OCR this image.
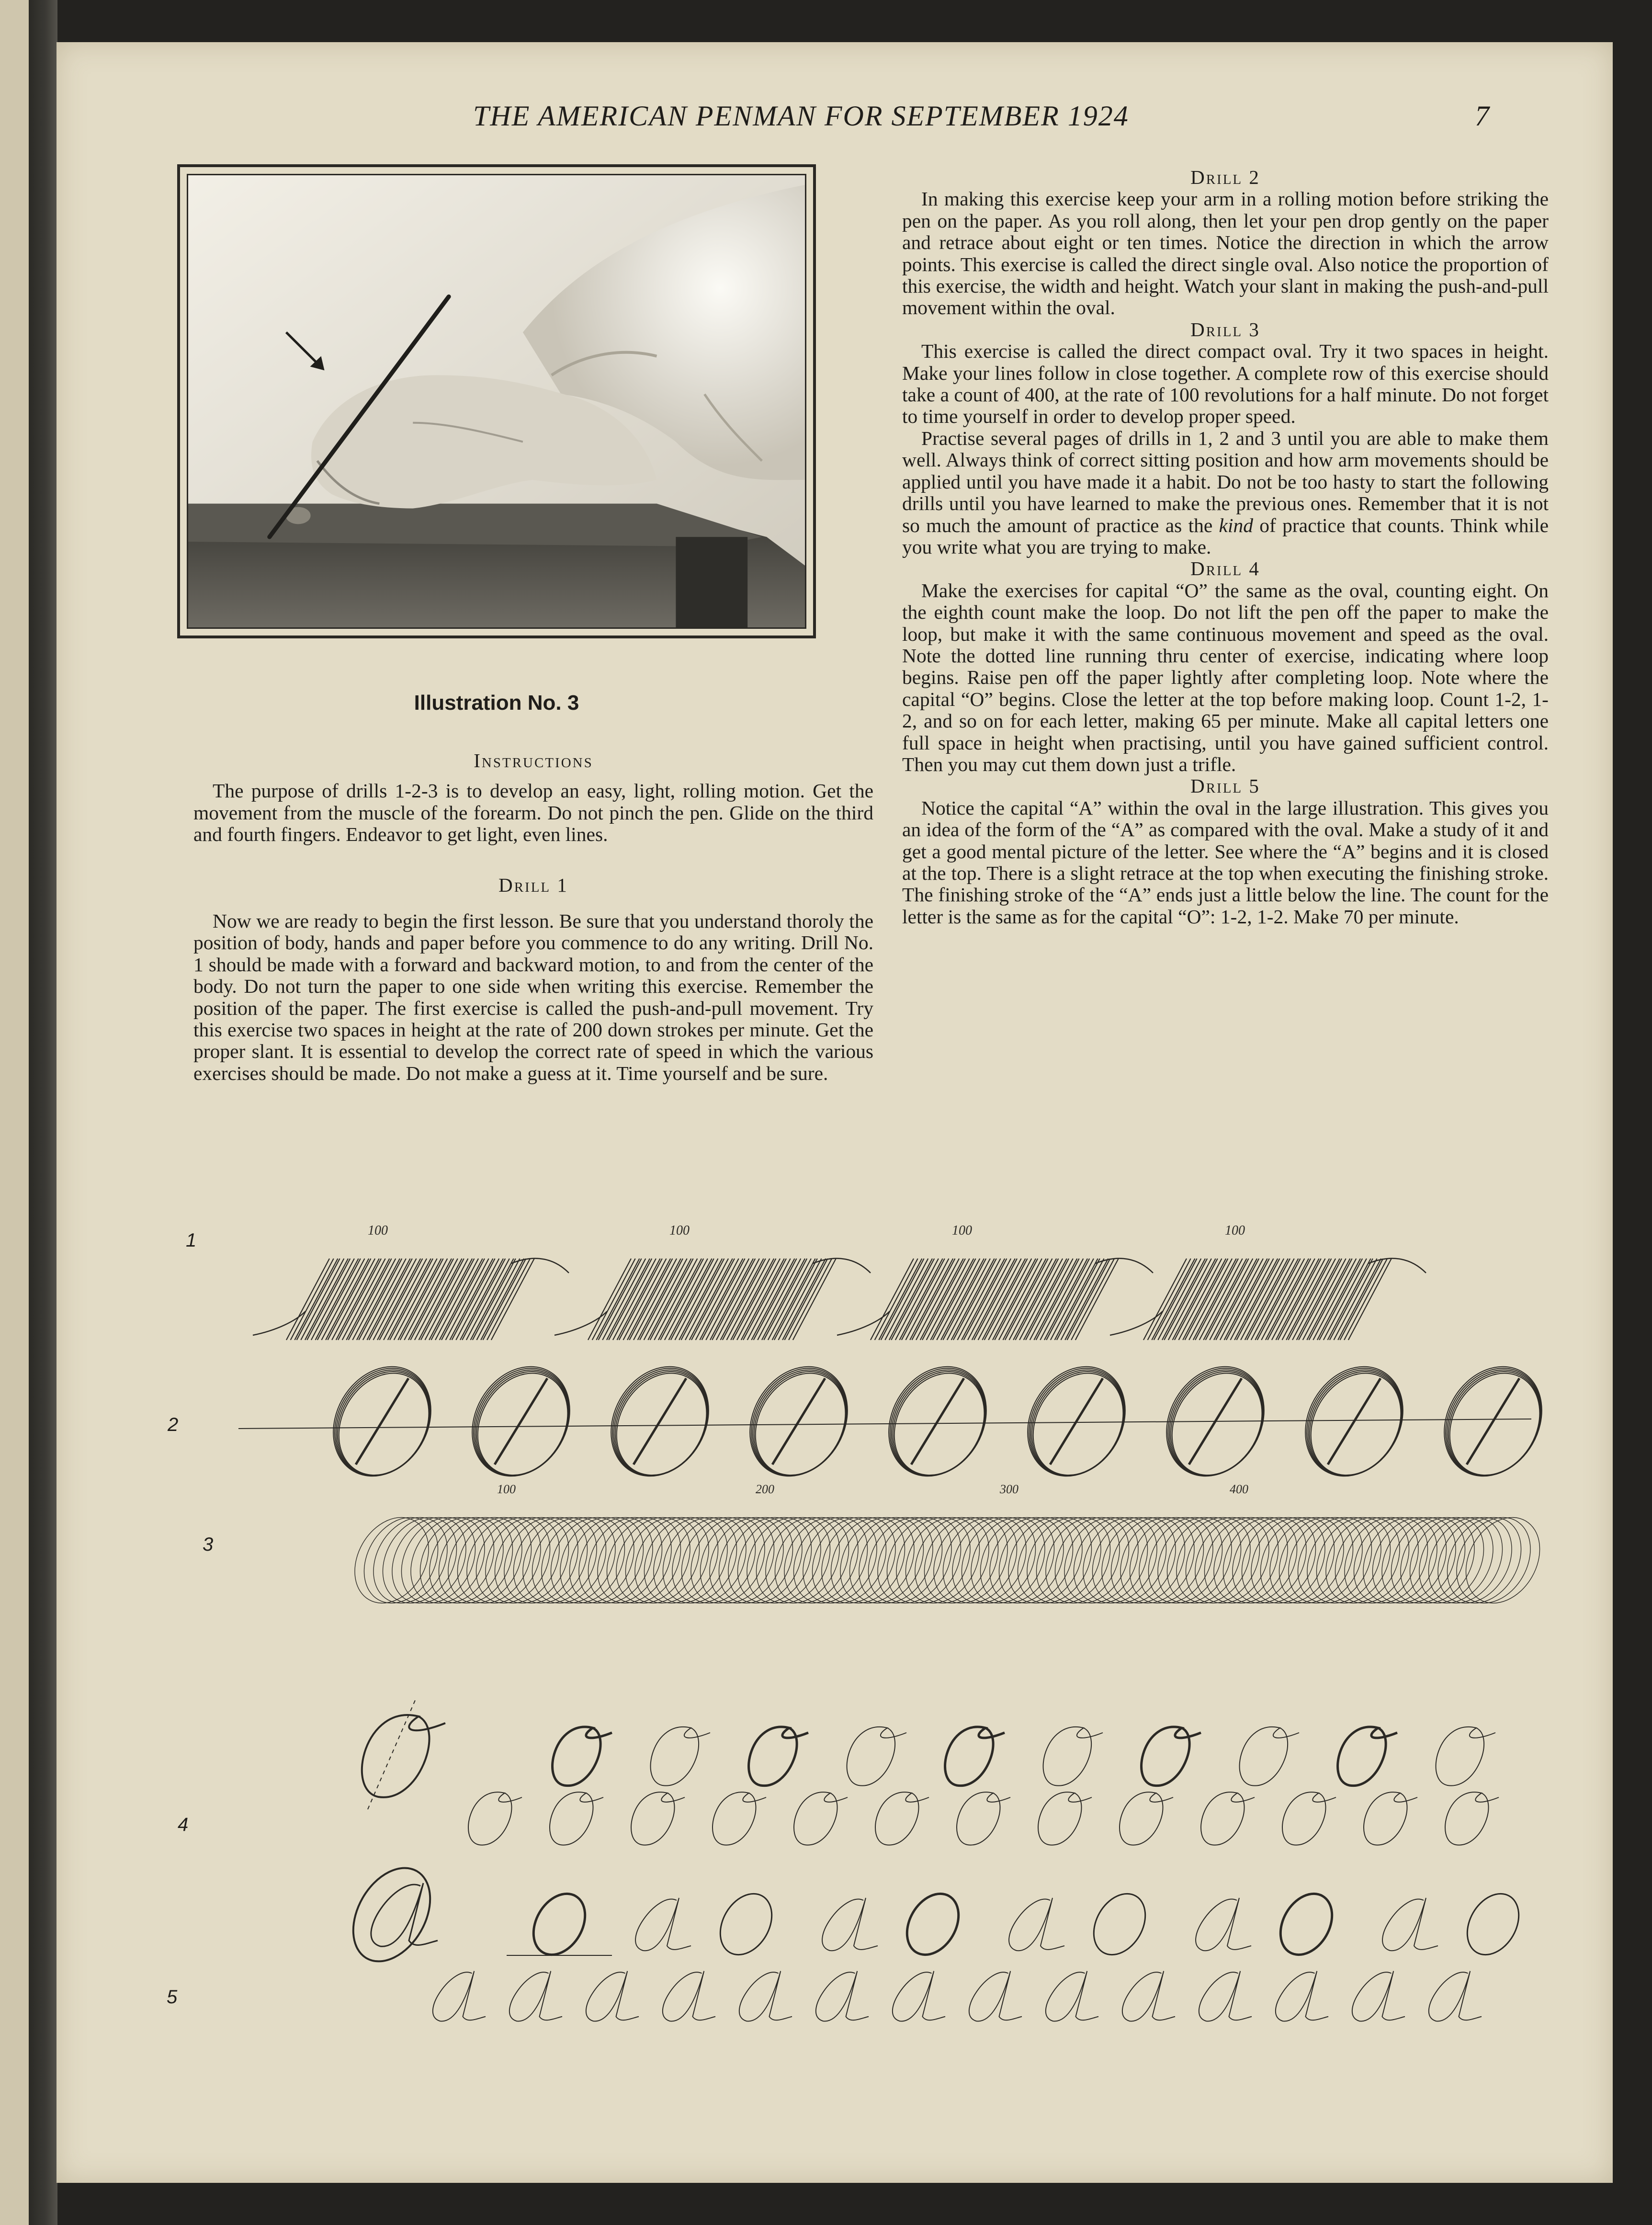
THE AMERICAN PENMAN FOR SEPTEMBER 1924	7
Illustration No. 3

Instructions

The purpose of drills 1-2-3 is to develop an easy, light, rolling motion. Get the movement from the muscle of the forearm. Do not pinch the pen. Glide on the third and fourth fingers. Endeavor to get light, even lines.

Drill 1

Now we are ready to begin the first lesson. Be sure that you understand thoroly the position of body, hands and paper before you commence to do any writing. Drill No. 1 should be made with a forward and backward motion, to and from the center of the body. Do not turn the paper to one side when writing this exercise. Remember the position of the paper. The first exercise is called the push-and-pull movement. Try this exercise two spaces in height at the rate of 200 down strokes per minute. Get the proper slant. It is essential to develop the correct rate of speed in which the various exercises should be made. Do not make a guess at it. Time yourself and be sure.

Drill 2

In making this exercise keep your arm in a rolling motion before striking the pen on the paper. As you roll along, then let your pen drop gently on the paper and retrace about eight or ten times. Notice the direction in which the arrow points. This exercise is called the direct single oval. Also notice the proportion of this exercise, the width and height. Watch your slant in making the push-and-pull movement within the oval.

Drill 3

This exercise is called the direct compact oval. Try it two spaces in height. Make your lines follow in close together. A complete row of this exercise should take a count of 400, at the rate of 100 revolutions for a half minute. Do not forget to time yourself in order to develop proper speed.

Practise several pages of drills in 1, 2 and 3 until you are able to make them well. Always think of correct sitting position and how arm movements should be applied until you have made it a habit. Do not be too hasty to start the following drills until you have learned to make the previous ones. Remember that it is not so much the amount of practice as the kind of practice that counts. Think while you write what you are trying to make.

Drill 4

Make the exercises for capital “O” the same as the oval, counting eight. On the eighth count make the loop. Do not lift the pen off the paper to make the loop, but make it with the same continuous movement and speed as the oval. Note the dotted line running thru center of exercise, indicating where loop begins. Raise pen off the paper lightly after completing loop. Note where the capital “O” begins. Close the letter at the top before making loop. Count 1-2, 1-2, and so on for each letter, making 65 per minute. Make all capital letters one full space in height when practising, until you have gained sufficient control. Then you may cut them down just a trifle.

Drill 5

Notice the capital “A” within the oval in the large illustration. This gives you an idea of the form of the “A” as compared with the oval. Make a study of it and get a good mental picture of the letter. See where the “A” begins and it is closed at the top. There is a slight retrace at the top when executing the finishing stroke. The finishing stroke of the “A” ends just a little below the line. The count for the letter is the same as for the capital “O”: 1-2, 1-2. Make 70 per minute.

1
2
3
4
5
100	100	100	100
100	200	300	400
